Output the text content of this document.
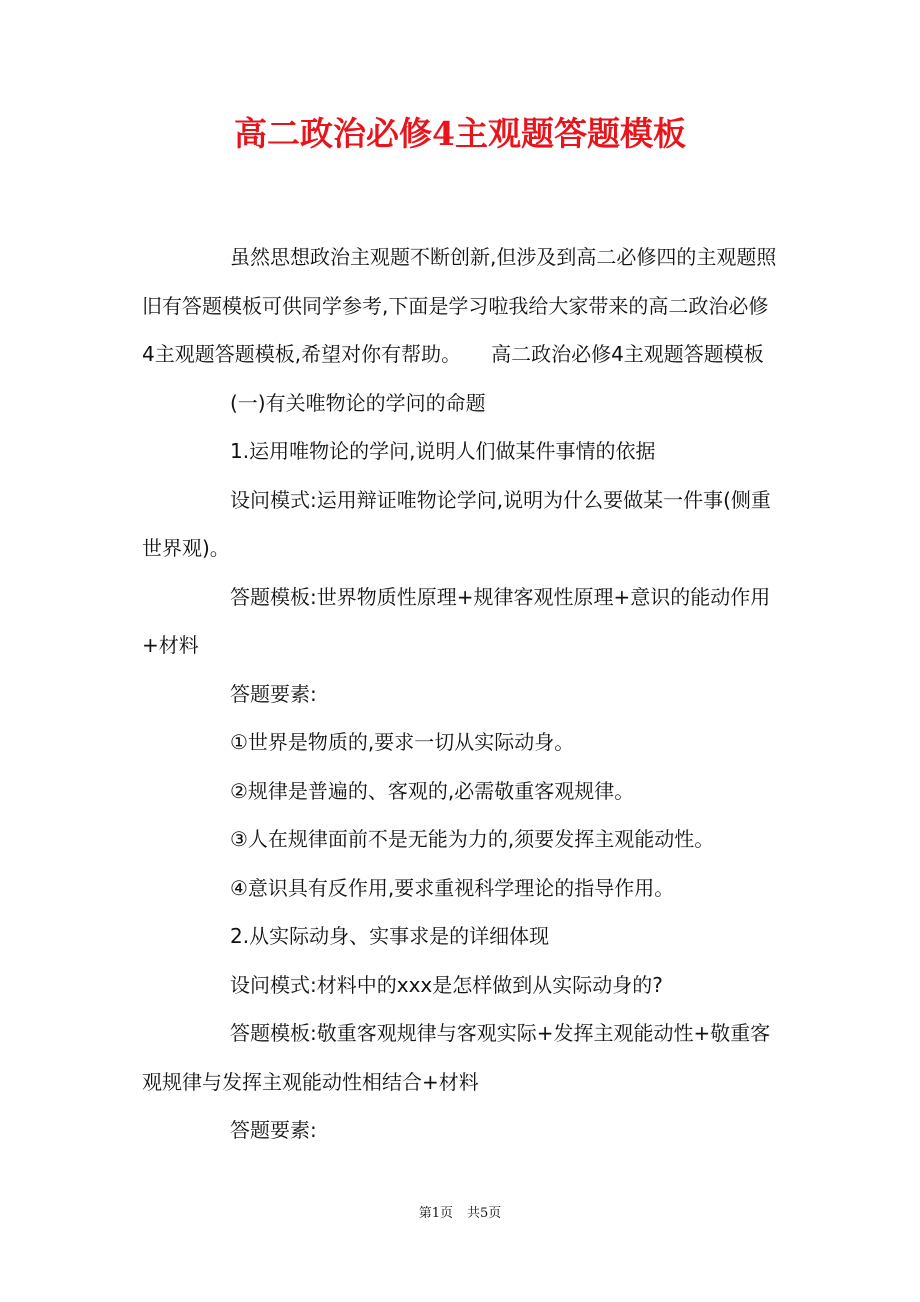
高二政治必修4主观题答题模板

虽然思想政治主观题不断创新,但涉及到高二必修四的主观题照旧有答题模板可供同学参考,下面是学习啦我给大家带来的高二政治必修4主观题答题模板,希望对你有帮助。　　高二政治必修4主观题答题模板

(一)有关唯物论的学问的命题

1.运用唯物论的学问,说明人们做某件事情的依据

设问模式:运用辩证唯物论学问,说明为什么要做某一件事(侧重世界观)。

答题模板:世界物质性原理+规律客观性原理+意识的能动作用+材料

答题要素:

①世界是物质的,要求一切从实际动身。

②规律是普遍的、客观的,必需敬重客观规律。

③人在规律面前不是无能为力的,须要发挥主观能动性。

④意识具有反作用,要求重视科学理论的指导作用。

2.从实际动身、实事求是的详细体现

设问模式:材料中的xxx是怎样做到从实际动身的?

答题模板:敬重客观规律与客观实际+发挥主观能动性+敬重客观规律与发挥主观能动性相结合+材料

答题要素:

第1页 共5页
